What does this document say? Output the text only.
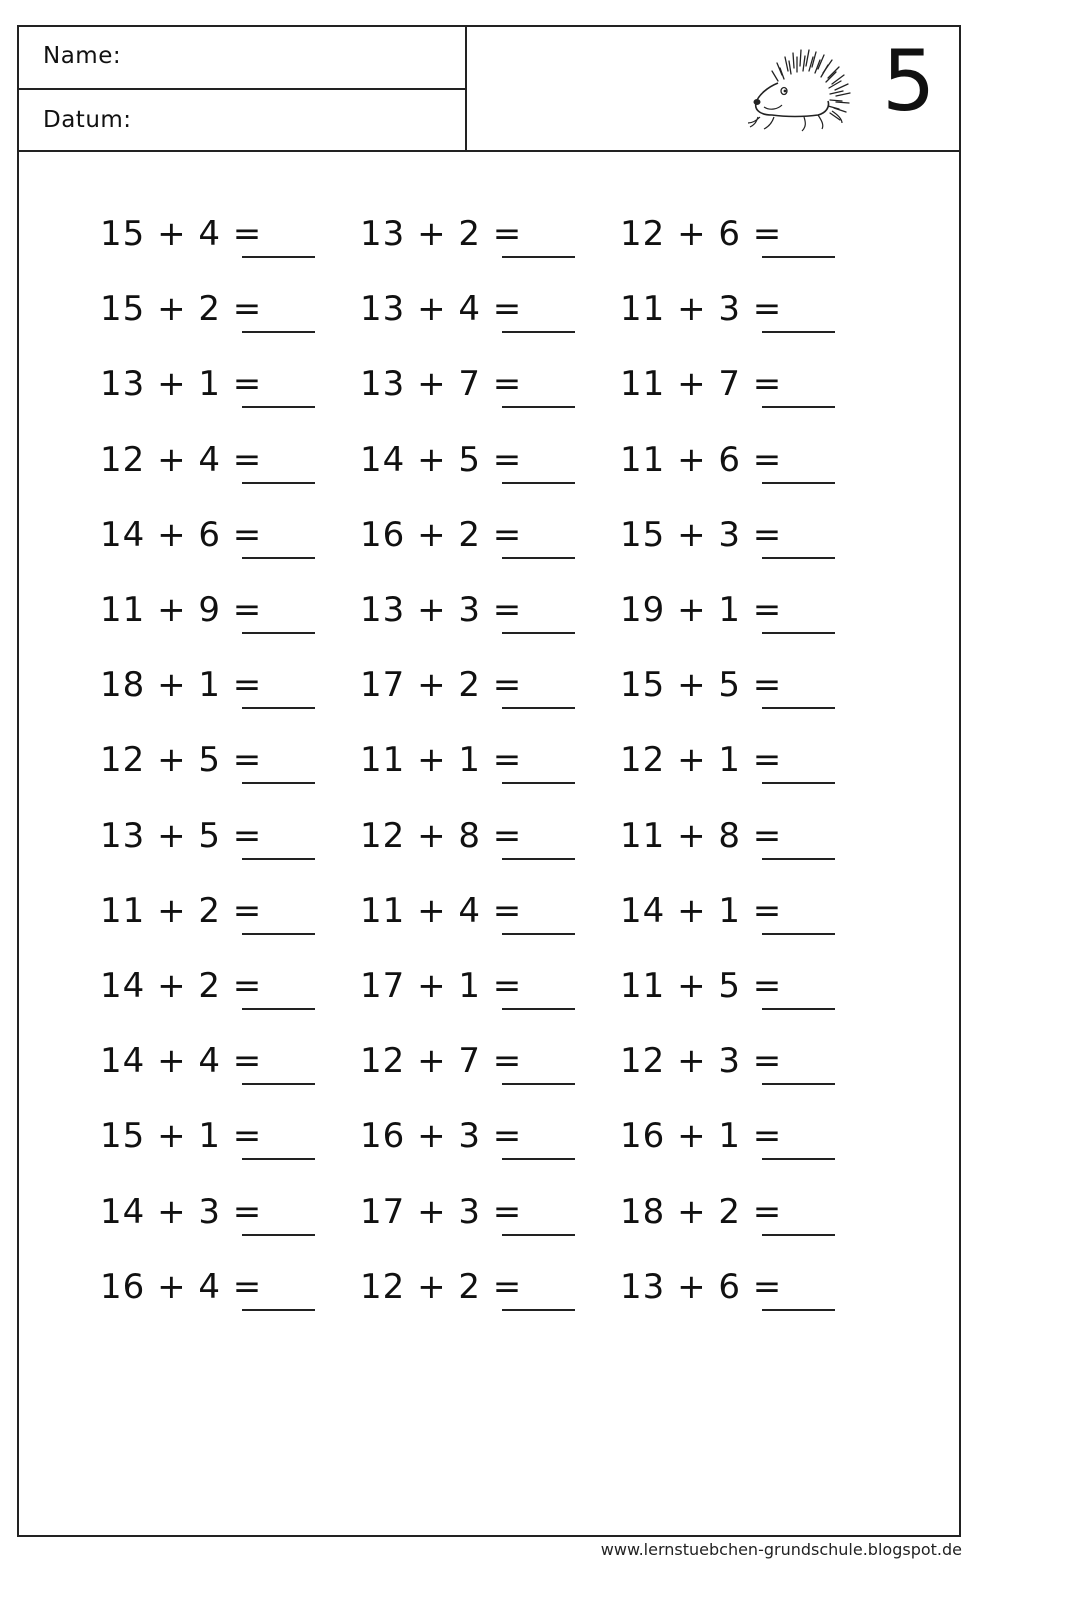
Name:
Datum:	5
15 + 4 =
15 + 2 =
13 + 1 =
12 + 4 =
14 + 6 =
11 + 9 =
18 + 1 =
12 + 5 =
13 + 5 =
11 + 2 =
14 + 2 =
14 + 4 =
15 + 1 =
14 + 3 =
16 + 4 =
13 + 2 =
13 + 4 =
13 + 7 =
14 + 5 =
16 + 2 =
13 + 3 =
17 + 2 =
11 + 1 =
12 + 8 =
11 + 4 =
17 + 1 =
12 + 7 =
16 + 3 =
17 + 3 =
12 + 2 =
12 + 6 =
11 + 3 =
11 + 7 =
11 + 6 =
15 + 3 =
19 + 1 =
15 + 5 =
12 + 1 =
11 + 8 =
14 + 1 =
11 + 5 =
12 + 3 =
16 + 1 =
18 + 2 =
13 + 6 =
www.lernstuebchen-grundschule.blogspot.de
